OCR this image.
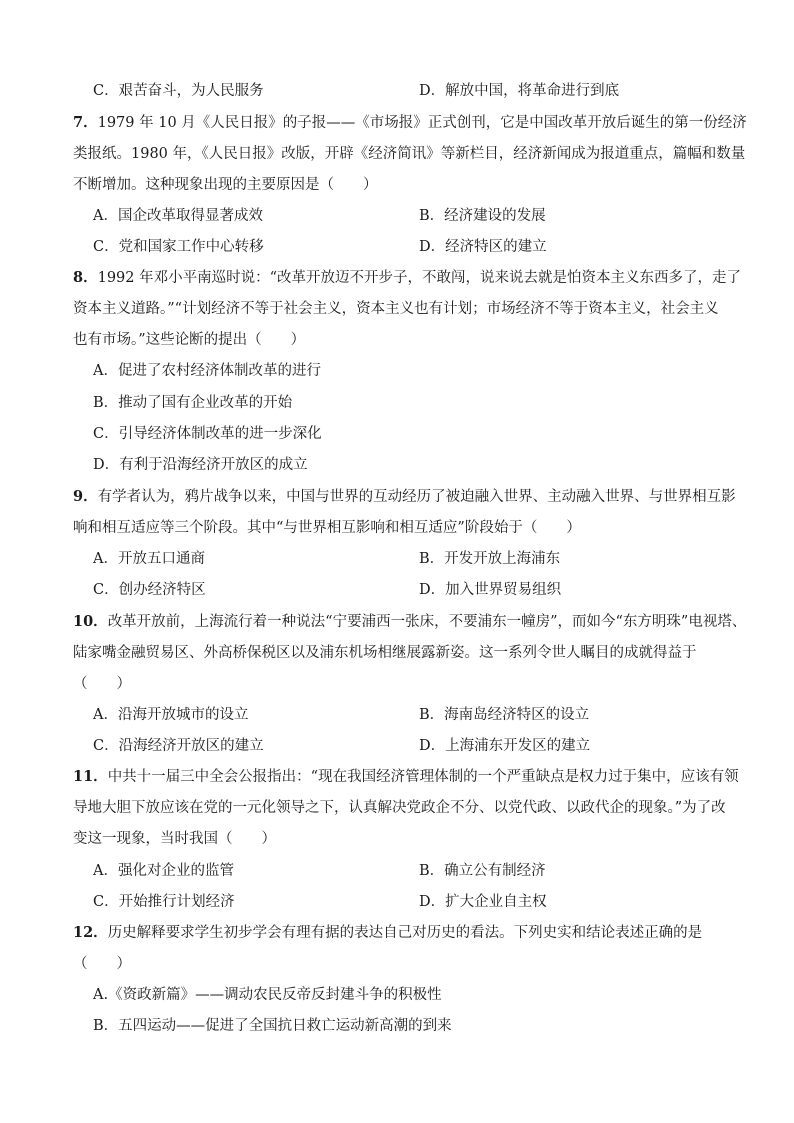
C．艰苦奋斗，为人民服务	D．解放中国，将革命进行到底
7．1979 年 10 月《人民日报》的子报——《市场报》正式创刊，它是中国改革开放后诞生的第一份经济
类报纸。1980 年，《人民日报》改版，开辟《经济简讯》等新栏目，经济新闻成为报道重点，篇幅和数量
不断增加。这种现象出现的主要原因是（　　）
A．国企改革取得显著成效	B．经济建设的发展
C．党和国家工作中心转移	D．经济特区的建立
8．1992 年邓小平南巡时说：“改革开放迈不开步子，不敢闯，说来说去就是怕资本主义东西多了，走了
资本主义道路。”“计划经济不等于社会主义，资本主义也有计划；市场经济不等于资本主义，社会主义
也有市场。”这些论断的提出（　　）
A．促进了农村经济体制改革的进行
B．推动了国有企业改革的开始
C．引导经济体制改革的进一步深化
D．有利于沿海经济开放区的成立
9．有学者认为，鸦片战争以来，中国与世界的互动经历了被迫融入世界、主动融入世界、与世界相互影
响和相互适应等三个阶段。其中“与世界相互影响和相互适应”阶段始于（　　）
A．开放五口通商	B．开发开放上海浦东
C．创办经济特区	D．加入世界贸易组织
10．改革开放前，上海流行着一种说法“宁要浦西一张床，不要浦东一幢房”，而如今“东方明珠”电视塔、
陆家嘴金融贸易区、外高桥保税区以及浦东机场相继展露新姿。这一系列令世人瞩目的成就得益于
（　　）
A．沿海开放城市的设立	B．海南岛经济特区的设立
C．沿海经济开放区的建立	D．上海浦东开发区的建立
11．中共十一届三中全会公报指出：“现在我国经济管理体制的一个严重缺点是权力过于集中，应该有领
导地大胆下放应该在党的一元化领导之下，认真解决党政企不分、以党代政、以政代企的现象。”为了改
变这一现象，当时我国（　　）
A．强化对企业的监管	B．确立公有制经济
C．开始推行计划经济	D．扩大企业自主权
12．历史解释要求学生初步学会有理有据的表达自己对历史的看法。下列史实和结论表述正确的是
（　　）
A.《资政新篇》——调动农民反帝反封建斗争的积极性
B．五四运动——促进了全国抗日救亡运动新高潮的到来
